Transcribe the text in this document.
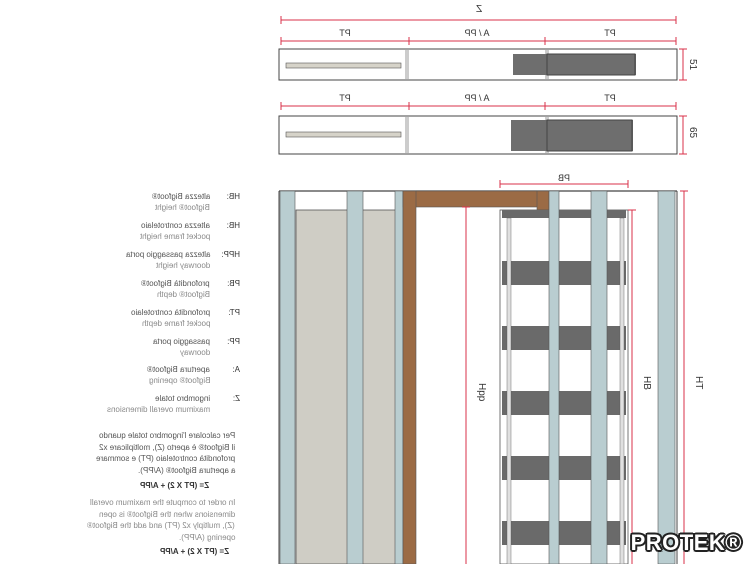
Z
PT	A / PP	PT
51
PT	A / PP	PT
65
PB
Hpp
HB	HT
HB:
altezza Bigfoot®
Bigfoot® height
HB:
altezza controtelaio
pocket frame height
HPP:
altezza passaggio porta
doorway height
PB:
profondità Bigfoot®
Bigfoot® depth
PT:
profondità controtelaio
pocket frame depth
PP:
passaggio porta
doorway
A:
apertura Bigfoot®
Bigfoot® opening
Z:
ingombro totale
maximum overall dimensions
Per calcolare l'ingombro totale quando
il Bigfoot® è aperto (Z), moltiplicare x2
profondità controtelaio (PT) e sommare
a apertura Bigfoot® (A/PP).
Z= (PT X 2) + A/PP
In order to compute the maximum overall
dimensions when the Bigfoot® is open
(Z), multiply x2 (PT) and add the Bigfoot®
opening (A/PP).
Z= (PT X 2) + A/PP	PROTEK®
